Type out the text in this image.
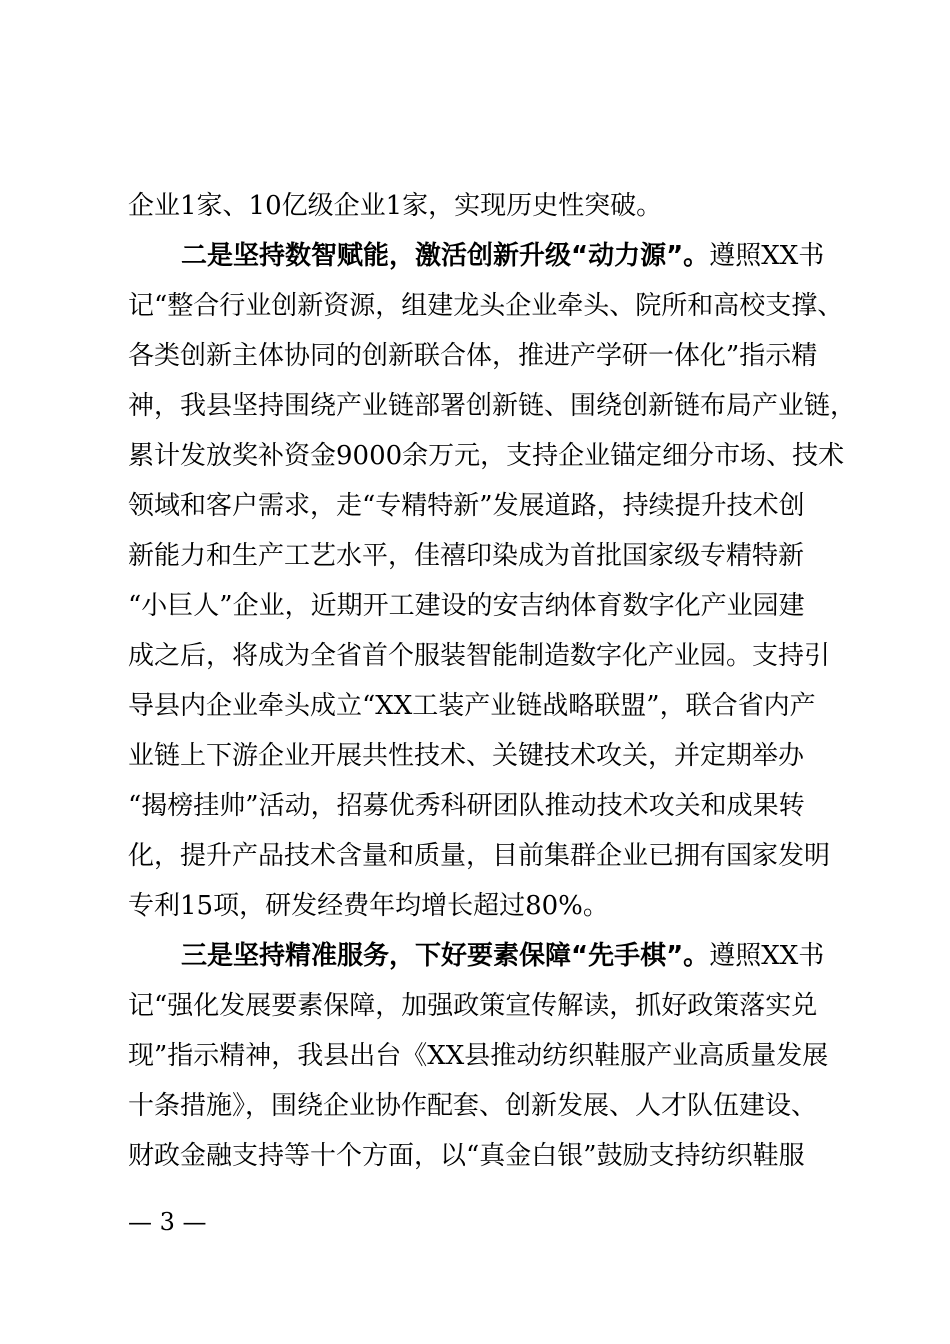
企业1家、10亿级企业1家，实现历史性突破。
二是坚持数智赋能，激活创新升级“动力源”。遵照XX书
记“整合行业创新资源，组建龙头企业牵头、院所和高校支撑、
各类创新主体协同的创新联合体，推进产学研一体化”指示精
神，我县坚持围绕产业链部署创新链、围绕创新链布局产业链，
累计发放奖补资金9000余万元，支持企业锚定细分市场、技术
领域和客户需求，走“专精特新”发展道路，持续提升技术创
新能力和生产工艺水平，佳禧印染成为首批国家级专精特新
“小巨人”企业，近期开工建设的安吉纳体育数字化产业园建
成之后，将成为全省首个服装智能制造数字化产业园。支持引
导县内企业牵头成立“XX工装产业链战略联盟”，联合省内产
业链上下游企业开展共性技术、关键技术攻关，并定期举办
“揭榜挂帅”活动，招募优秀科研团队推动技术攻关和成果转
化，提升产品技术含量和质量，目前集群企业已拥有国家发明
专利15项，研发经费年均增长超过80%。
三是坚持精准服务，下好要素保障“先手棋”。遵照XX书
记“强化发展要素保障，加强政策宣传解读，抓好政策落实兑
现”指示精神，我县出台《XX县推动纺织鞋服产业高质量发展
十条措施》，围绕企业协作配套、创新发展、人才队伍建设、
财政金融支持等十个方面，以“真金白银”鼓励支持纺织鞋服
— 3 —
